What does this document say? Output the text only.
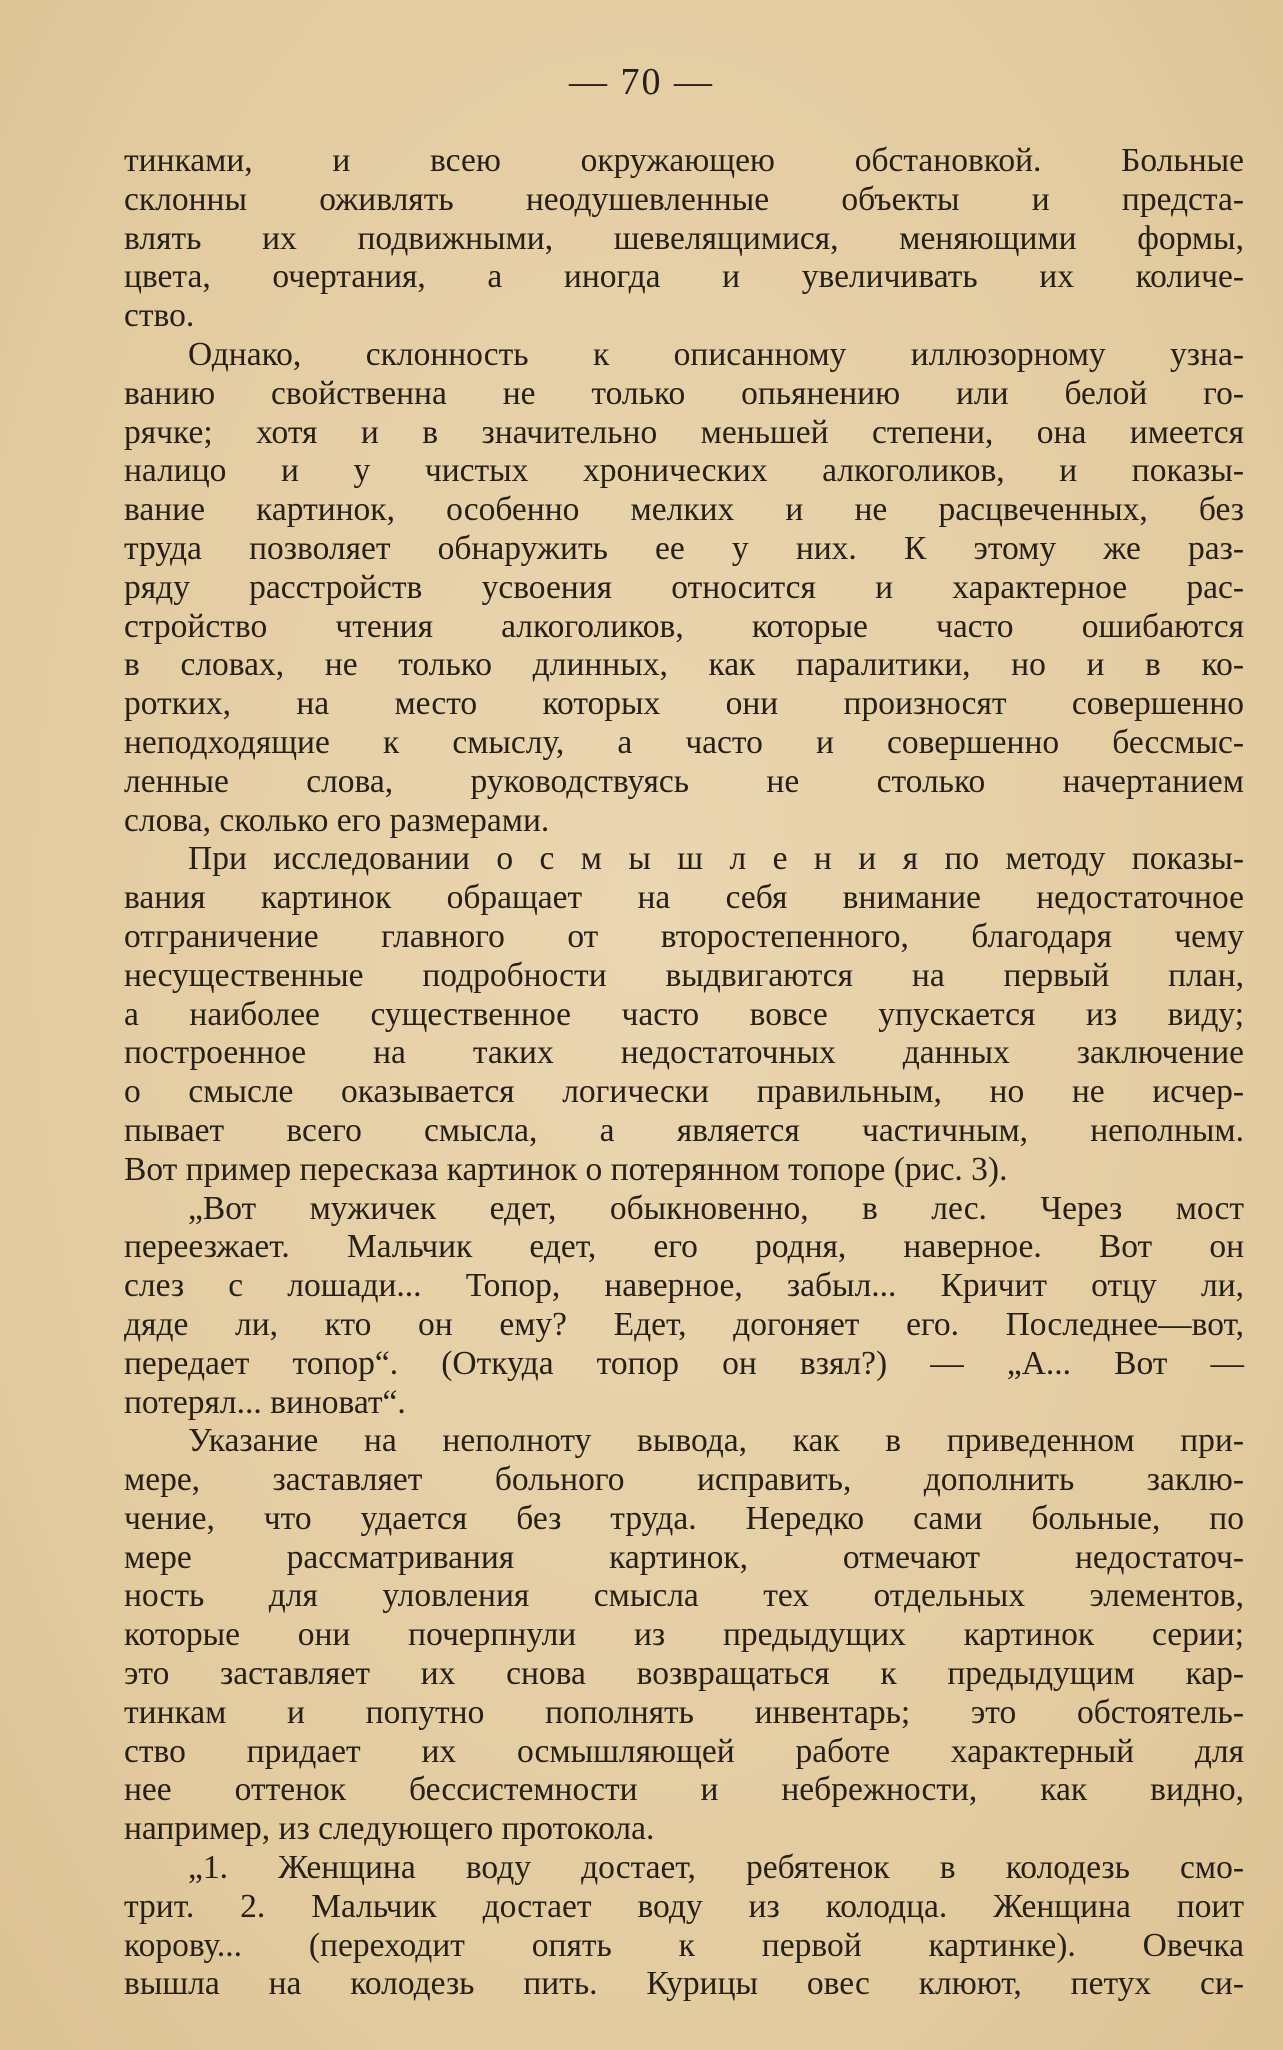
— 70 —

тинками, и всею окружающею обстановкой. Больные
склонны оживлять неодушевленные объекты и предста-
влять их подвижными, шевелящимися, меняющими формы,
цвета, очертания, а иногда и увеличивать их количе-
ство.

Однако, склонность к описанному иллюзорному узна-
ванию свойственна не только опьянению или белой го-
рячке; хотя и в значительно меньшей степени, она имеется
налицо и у чистых хронических алкоголиков, и показы-
вание картинок, особенно мелких и не расцвеченных, без
труда позволяет обнаружить ее у них. К этому же раз-
ряду расстройств усвоения относится и характерное рас-
стройство чтения алкоголиков, которые часто ошибаются
в словах, не только длинных, как паралитики, но и в ко-
ротких, на место которых они произносят совершенно
неподходящие к смыслу, а часто и совершенно бессмыс-
ленные слова, руководствуясь не столько начертанием
слова, сколько его размерами.

При исследовании о с м ы ш л е н и я по методу показы-
вания картинок обращает на себя внимание недостаточное
отграничение главного от второстепенного, благодаря чему
несущественные подробности выдвигаются на первый план,
а наиболее существенное часто вовсе упускается из виду;
построенное на таких недостаточных данных заключение
о смысле оказывается логически правильным, но не исчер-
пывает всего смысла, а является частичным, неполным.
Вот пример пересказа картинок о потерянном топоре (рис. 3).

„Вот мужичек едет, обыкновенно, в лес. Через мост
переезжает. Мальчик едет, его родня, наверное. Вот он
слез с лошади... Топор, наверное, забыл... Кричит отцу ли,
дяде ли, кто он ему? Едет, догоняет его. Последнее—вот,
передает топор“. (Откуда топор он взял?) — „А... Вот —
потерял... виноват“.

Указание на неполноту вывода, как в приведенном при-
мере, заставляет больного исправить, дополнить заклю-
чение, что удается без труда. Нередко сами больные, по
мере рассматривания картинок, отмечают недостаточ-
ность для уловления смысла тех отдельных элементов,
которые они почерпнули из предыдущих картинок серии;
это заставляет их снова возвращаться к предыдущим кар-
тинкам и попутно пополнять инвентарь; это обстоятель-
ство придает их осмышляющей работе характерный для
нее оттенок бессистемности и небрежности, как видно,
например, из следующего протокола.

„1. Женщина воду достает, ребятенок в колодезь смо-
трит. 2. Мальчик достает воду из колодца. Женщина поит
корову... (переходит опять к первой картинке). Овечка
вышла на колодезь пить. Курицы овес клюют, петух си-
